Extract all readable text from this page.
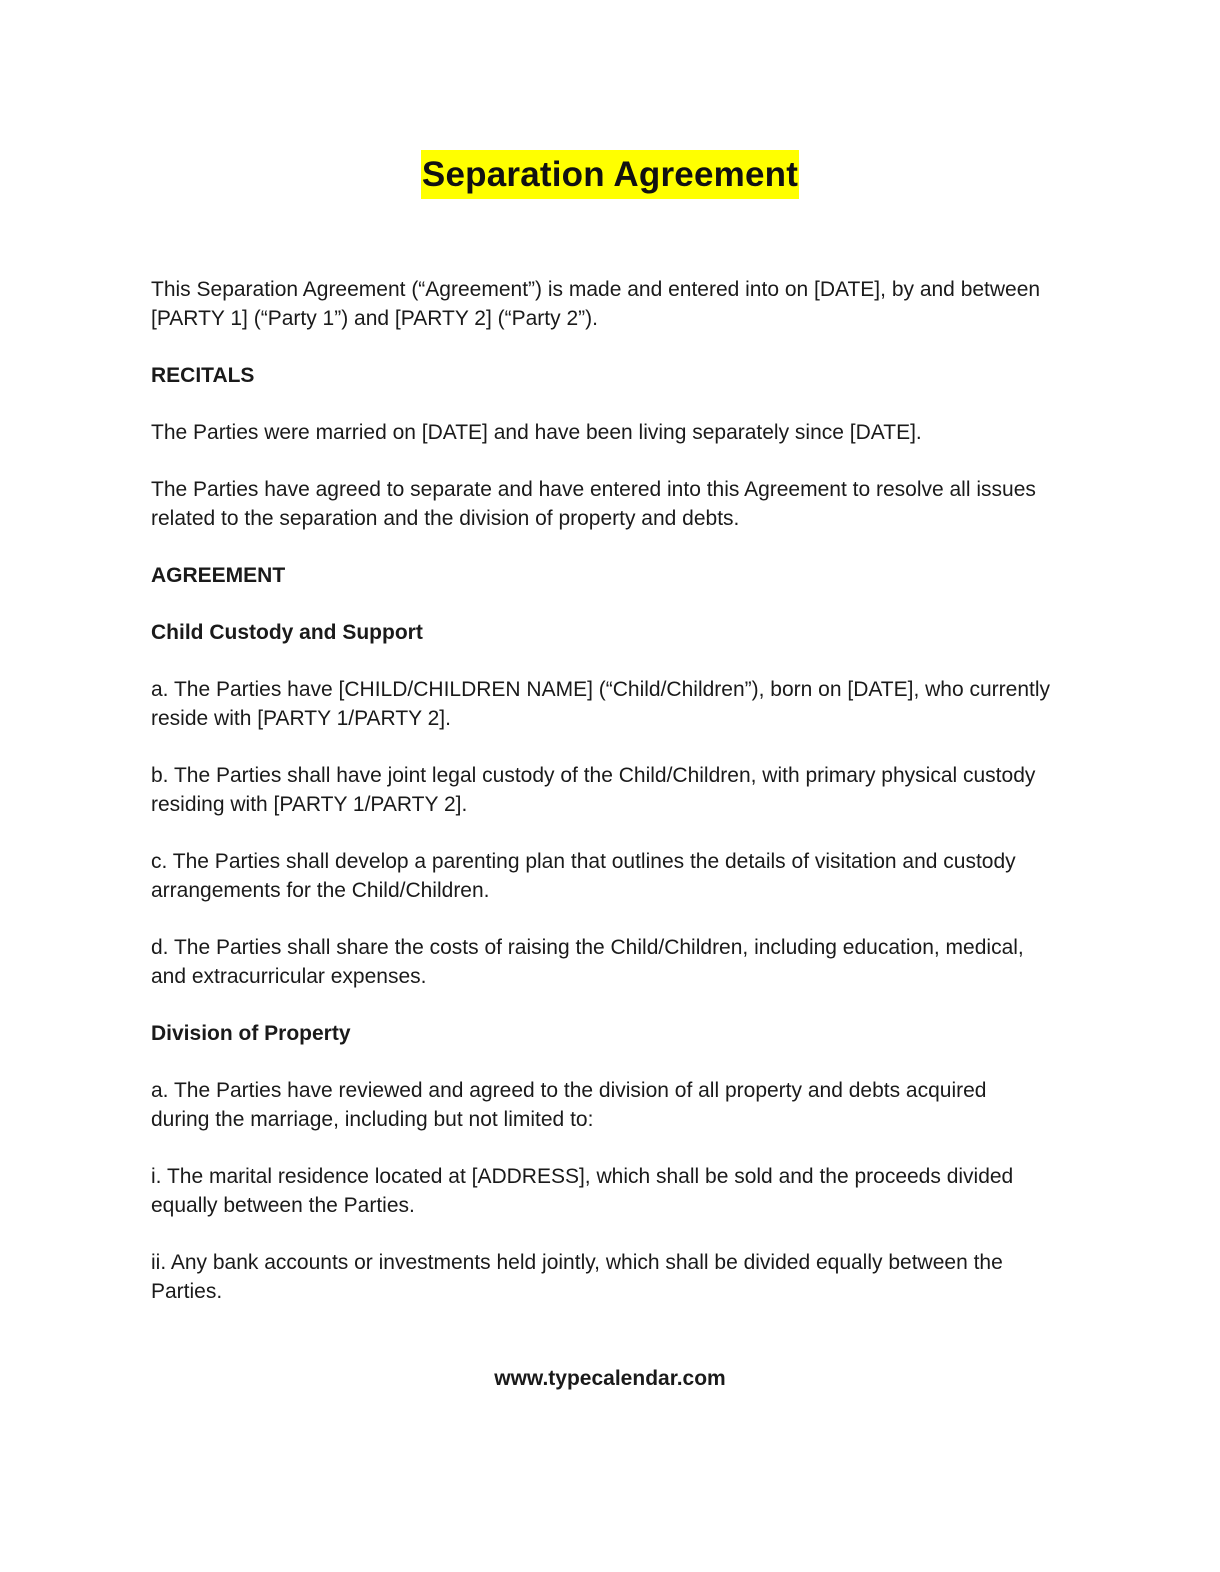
Separation Agreement
This Separation Agreement (“Agreement”) is made and entered into on [DATE], by and between
[PARTY 1] (“Party 1”) and [PARTY 2] (“Party 2”).
RECITALS
The Parties were married on [DATE] and have been living separately since [DATE].
The Parties have agreed to separate and have entered into this Agreement to resolve all issues
related to the separation and the division of property and debts.
AGREEMENT
Child Custody and Support
a. The Parties have [CHILD/CHILDREN NAME] (“Child/Children”), born on [DATE], who currently
reside with [PARTY 1/PARTY 2].
b. The Parties shall have joint legal custody of the Child/Children, with primary physical custody
residing with [PARTY 1/PARTY 2].
c. The Parties shall develop a parenting plan that outlines the details of visitation and custody
arrangements for the Child/Children.
d. The Parties shall share the costs of raising the Child/Children, including education, medical,
and extracurricular expenses.
Division of Property
a. The Parties have reviewed and agreed to the division of all property and debts acquired
during the marriage, including but not limited to:
i. The marital residence located at [ADDRESS], which shall be sold and the proceeds divided
equally between the Parties.
ii. Any bank accounts or investments held jointly, which shall be divided equally between the
Parties.
www.typecalendar.com
